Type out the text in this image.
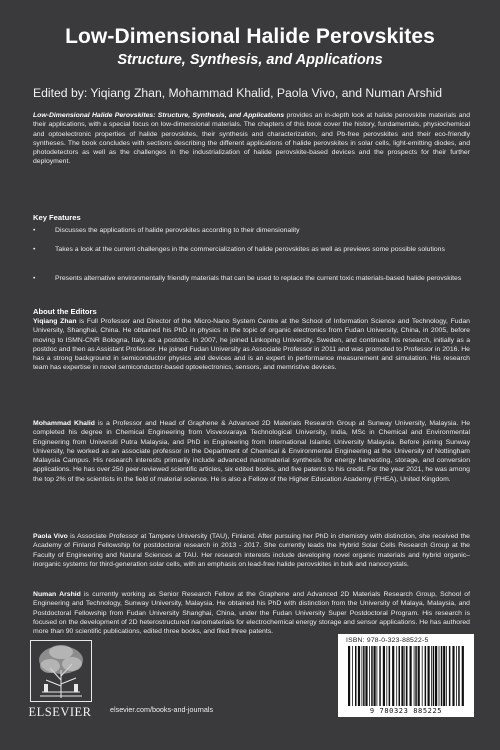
Low-Dimensional Halide Perovskites
Structure, Synthesis, and Applications
Edited by: Yiqiang Zhan, Mohammad Khalid, Paola Vivo, and Numan Arshid
Low-Dimensional Halide Perovskites: Structure, Synthesis, and Applications provides an in-depth look at halide perovskite materials and their applications, with a special focus on low-dimensional materials. The chapters of this book cover the history, fundamentals, physiochemical and optoelectronic properties of halide perovskites, their synthesis and characterization, and Pb-free perovskites and their eco-friendly syntheses. The book concludes with sections describing the different applications of halide perovskites in solar cells, light-emitting diodes, and photodetectors as well as the challenges in the industrialization of halide perovskite-based devices and the prospects for their further deployment.
Key Features
•	Discusses the applications of halide perovskites according to their dimensionality
•	Takes a look at the current challenges in the commercialization of halide perovskites as well as previews some possible solutions
•	Presents alternative environmentally friendly materials that can be used to replace the current toxic materials-based halide perovskites
About the Editors
Yiqiang Zhan is Full Professor and Director of the Micro-Nano System Centre at the School of Information Science and Technology, Fudan University, Shanghai, China. He obtained his PhD in physics in the topic of organic electronics from Fudan University, China, in 2005, before moving to ISMN-CNR Bologna, Italy, as a postdoc. In 2007, he joined Linkoping University, Sweden, and continued his research, initially as a postdoc and then as Assistant Professor. He joined Fudan University as Associate Professor in 2011 and was promoted to Professor in 2016. He has a strong background in semiconductor physics and devices and is an expert in performance measurement and simulation. His research team has expertise in novel semiconductor-based optoelectronics, sensors, and memristive devices.
Mohammad Khalid is a Professor and Head of Graphene & Advanced 2D Materials Research Group at Sunway University, Malaysia. He completed his degree in Chemical Engineering from Visvesvaraya Technological University, India, MSc in Chemical and Environmental Engineering from Universiti Putra Malaysia, and PhD in Engineering from International Islamic University Malaysia. Before joining Sunway University, he worked as an associate professor in the Department of Chemical & Environmental Engineering at the University of Nottingham Malaysia Campus. His research interests primarily include advanced nanomaterial synthesis for energy harvesting, storage, and conversion applications. He has over 250 peer-reviewed scientific articles, six edited books, and five patents to his credit. For the year 2021, he was among the top 2% of the scientists in the field of material science. He is also a Fellow of the Higher Education Academy (FHEA), United Kingdom.
Paola Vivo is Associate Professor at Tampere University (TAU), Finland. After pursuing her PhD in chemistry with distinction, she received the Academy of Finland Fellowship for postdoctoral research in 2013 - 2017. She currently leads the Hybrid Solar Cells Research Group at the Faculty of Engineering and Natural Sciences at TAU. Her research interests include developing novel organic materials and hybrid organic–inorganic systems for third-generation solar cells, with an emphasis on lead-free halide perovskites in bulk and nanocrystals.
Numan Arshid is currently working as Senior Research Fellow at the Graphene and Advanced 2D Materials Research Group, School of Engineering and Technology, Sunway University, Malaysia. He obtained his PhD with distinction from the University of Malaya, Malaysia, and Postdoctoral Fellowship from Fudan University Shanghai, China, under the Fudan University Super Postdoctoral Program. His research is focused on the development of 2D heterostructured nanomaterials for electrochemical energy storage and sensor applications. He has authored more than 90 scientific publications, edited three books, and filed three patents.
ELSEVIER	elsevier.com/books-and-journals
ISBN: 978-0-323-88522-5
9 780323 885225
